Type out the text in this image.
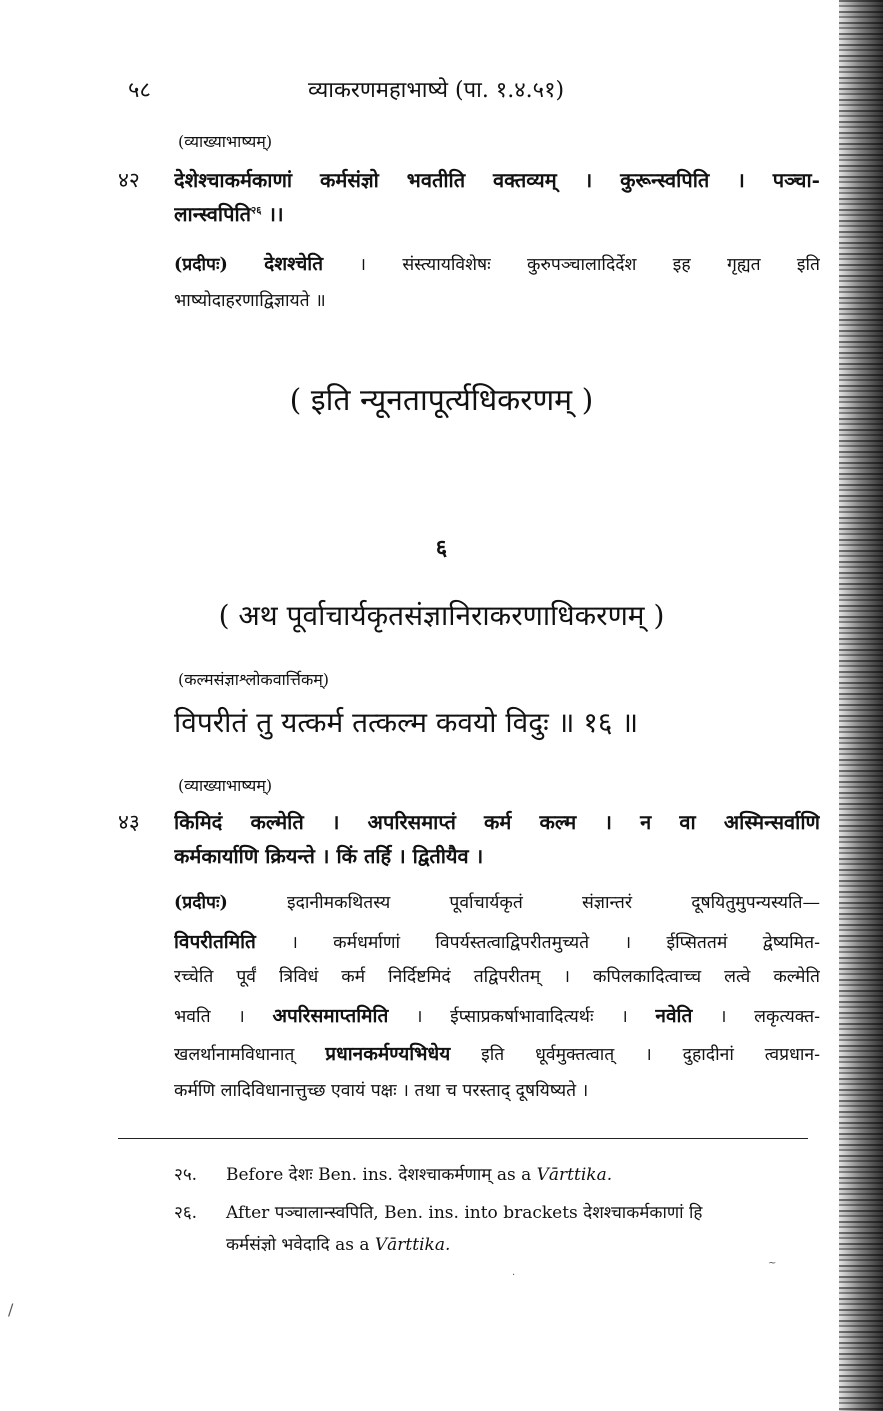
५८	व्याकरणमहाभाष्ये (पा. १.४.५१)
(व्याख्याभाष्यम्)
४२ देशेश्चाकर्मकाणां कर्मसंज्ञो भवतीति वक्तव्यम् । कुरून्स्वपिति । पञ्चा-
लान्स्वपिति$^{२६}$ ।।
(प्रदीपः) देशश्चेति । संस्त्यायविशेषः कुरुपञ्चालादिर्देश इह गृह्यत इति
भाष्योदाहरणाद्विज्ञायते ॥
( इति न्यूनतापूर्त्यधिकरणम् )
६
( अथ पूर्वाचार्यकृतसंज्ञानिराकरणाधिकरणम् )
(कल्मसंज्ञाश्लोकवार्त्तिकम्)
विपरीतं तु यत्कर्म तत्कल्म कवयो विदुः ॥ १६ ॥
(व्याख्याभाष्यम्)
४३ किमिदं कल्मेति । अपरिसमाप्तं कर्म कल्म । न वा अस्मिन्सर्वाणि
कर्मकार्याणि क्रियन्ते । किं तर्हि । द्वितीयैव ।
(प्रदीपः)	इदानीमकथितस्य पूर्वाचार्यकृतं संज्ञान्तरं दूषयितुमुपन्यस्यति—
विपरीतमिति । कर्मधर्माणां विपर्यस्तत्वाद्विपरीतमुच्यते । ईप्सिततमं द्वेष्यमित-
रच्चेति पूर्वं त्रिविधं कर्म निर्दिष्टमिदं तद्विपरीतम् । कपिलकादित्वाच्च लत्वे कल्मेति
भवति । अपरिसमाप्तमिति । ईप्साप्रकर्षाभावादित्यर्थः । नवेति । लकृत्यक्त-
खलर्थानामविधानात् प्रधानकर्मण्यभिधेय इति धूर्वमुक्तत्वात् । दुहादीनां त्वप्रधान-
कर्मणि लादिविधानात्तुच्छ एवायं पक्षः । तथा च परस्ताद् दूषयिष्यते ।
२५. Before देशः Ben. ins. देशश्चाकर्मणाम् as a Vārttika.
२६. After पञ्चालान्स्वपिति, Ben. ins. into brackets देशश्चाकर्मकाणां हि
कर्मसंज्ञो भवेदादि as a Vārttika.
·
/
~
